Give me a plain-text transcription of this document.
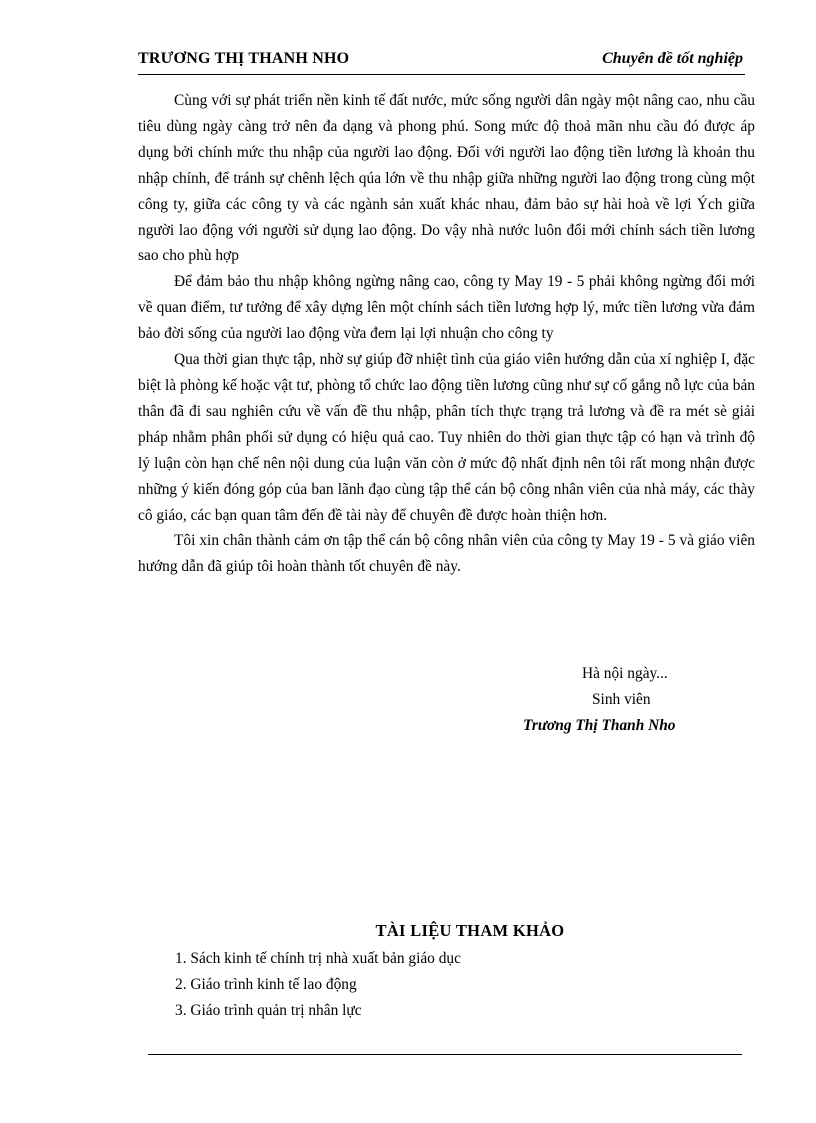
TRƯƠNG THỊ THANH NHO	Chuyên đề tốt nghiệp

Cùng với sự phát triển nền kinh tế đất nước, mức sống người dân ngày một nâng cao, nhu cầu tiêu dùng ngày càng trở nên đa dạng và phong phú. Song mức độ thoả mãn nhu cầu đó được áp dụng bởi chính mức thu nhập của người lao động. Đối với người lao động tiền lương là khoản thu nhập chính, để tránh sự chênh lệch qúa lớn về thu nhập giữa những người lao động trong cùng một công ty, giữa các công ty và các ngành sản xuất khác nhau, đảm bảo sự hài hoà về lợi Ých giữa người lao động với người sử dụng lao động. Do vậy nhà nước luôn đổi mới chính sách tiền lương sao cho phù hợp

Để đảm bảo thu nhập không ngừng nâng cao, công ty May 19 - 5 phải không ngừng đổi mới về quan điểm, tư tưởng để xây dựng lên một chính sách tiền lương hợp lý, mức tiền lương vừa đảm bảo đời sống của người lao động vừa đem lại lợi nhuận cho công ty

Qua thời gian thực tập, nhờ sự giúp đỡ nhiệt tình của giáo viên hướng dẫn của xí nghiệp I, đặc biệt là phòng kế hoặc vật tư, phòng tổ chức lao động tiền lương cũng như sự cố gắng nỗ lực của bản thân đã đi sau nghiên cứu về vấn đề thu nhập, phân tích thực trạng trả lương và đề ra mét sè giải pháp nhằm phân phối sử dụng có hiệu quả cao. Tuy nhiên do thời gian thực tập có hạn và trình độ lý luận còn hạn chế nên nội dung của luận văn còn ở mức độ nhất định nên tôi rất mong nhận được những ý kiến đóng góp của ban lãnh đạo cùng tập thể cán bộ công nhân viên của nhà máy, các thày cô giáo, các bạn quan tâm đến đề tài này để chuyên đề được hoàn thiện hơn.

Tôi xin chân thành cảm ơn tập thể cán bộ công nhân viên của công ty May 19 - 5 và giáo viên hướng dẫn đã giúp tôi hoàn thành tốt chuyên đề này.

Hà nội ngày...
Sinh viên
Trương Thị Thanh Nho
TÀI LIỆU THAM KHẢO
1. Sách kinh tế chính trị nhà xuất bản giáo dục
2. Giáo trình kinh tế lao động
3. Giáo trình quản trị nhân lực
